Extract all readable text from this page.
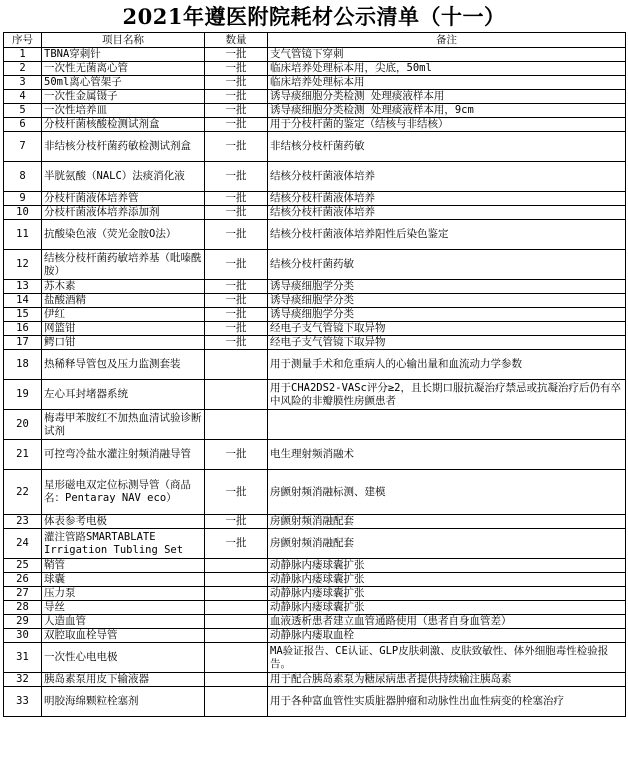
2021年遵医附院耗材公示清单（十一）
序号	项目名称	数量	备注
1	TBNA穿刺针	一批	支气管镜下穿刺
2	一次性无菌离心管	一批	临床培养处理标本用，尖底，50ml
3	50ml离心管架子	一批	临床培养处理标本用
4	一次性金属镊子	一批	诱导痰细胞分类检测 处理痰液样本用
5	一次性培养皿	一批	诱导痰细胞分类检测 处理痰液样本用，9cm
6	分枝杆菌核酸检测试剂盒	一批	用于分枝杆菌的鉴定（结核与非结核）
7	非结核分枝杆菌药敏检测试剂盒	一批	非结核分枝杆菌药敏
8	半胱氨酸（NALC）法痰消化液	一批	结核分枝杆菌液体培养
9	分枝杆菌液体培养管	一批	结核分枝杆菌液体培养
10	分枝杆菌液体培养添加剂	一批	结核分枝杆菌液体培养
11	抗酸染色液（荧光金胺O法）	一批	结核分枝杆菌液体培养阳性后染色鉴定
12	结核分枝杆菌药敏培养基（吡嗪酰胺）	一批	结核分枝杆菌药敏
13	苏木素	一批	诱导痰细胞学分类
14	盐酸酒精	一批	诱导痰细胞学分类
15	伊红	一批	诱导痰细胞学分类
16	网篮钳	一批	经电子支气管镜下取异物
17	鳄口钳	一批	经电子支气管镜下取异物
18	热稀释导管包及压力监测套装		用于测量手术和危重病人的心输出量和血流动力学参数
19	左心耳封堵器系统		用于CHA2DS2-VASc评分≥2，且长期口服抗凝治疗禁忌或抗凝治疗后仍有卒中风险的非瓣膜性房颤患者
20	梅毒甲苯胺红不加热血清试验诊断试剂		
21	可控弯冷盐水灌注射频消融导管	一批	电生理射频消融术
22	星形磁电双定位标测导管（商品名：Pentaray NAV eco）	一批	房颤射频消融标测、建模
23	体表参考电极	一批	房颤射频消融配套
24	灌注管路SMARTABLATE Irrigation Tubling Set	一批	房颤射频消融配套
25	鞘管		动静脉内瘘球囊扩张
26	球囊		动静脉内瘘球囊扩张
27	压力泵		动静脉内瘘球囊扩张
28	导丝		动静脉内瘘球囊扩张
29	人造血管		血液透析患者建立血管通路使用（患者自身血管差）
30	双腔取血栓导管		动静脉内瘘取血栓
31	一次性心电电极		MA验证报告、CE认证、GLP皮肤刺激、皮肤致敏性、体外细胞毒性检验报告。
32	胰岛素泵用皮下输液器		用于配合胰岛素泵为糖尿病患者提供持续输注胰岛素
33	明胶海绵颗粒栓塞剂		用于各种富血管性实质脏器肿瘤和动脉性出血性病变的栓塞治疗
